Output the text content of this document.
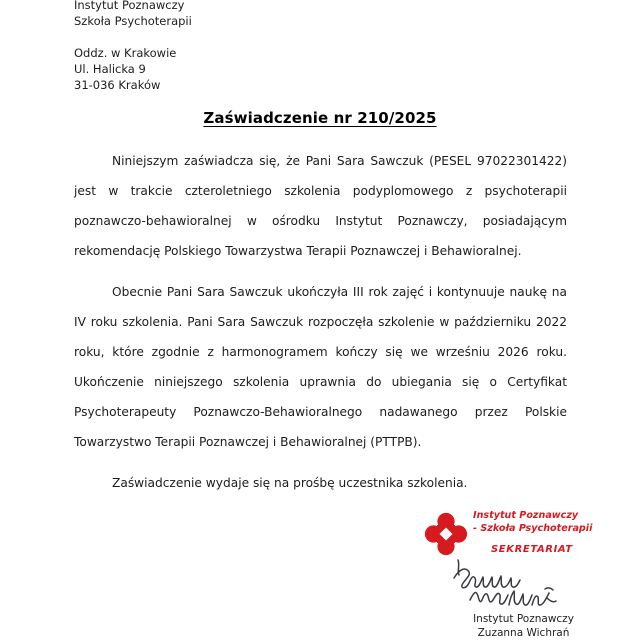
Instytut Poznawczy
Szkoła Psychoterapii
Oddz. w Krakowie
Ul. Halicka 9
31-036 Kraków
Zaświadczenie nr 210/2025

Niniejszym zaświadcza się, że Pani Sara Sawczuk (PESEL 97022301422) jest w trakcie czteroletniego szkolenia podyplomowego z psychoterapii poznawczo-behawioralnej w ośrodku Instytut Poznawczy, posiadającym rekomendację Polskiego Towarzystwa Terapii Poznawczej i Behawioralnej.

Obecnie Pani Sara Sawczuk ukończyła III rok zajęć i kontynuuje naukę na IV roku szkolenia. Pani Sara Sawczuk rozpoczęła szkolenie w październiku 2022 roku, które zgodnie z harmonogramem kończy się we wrześniu 2026 roku. Ukończenie niniejszego szkolenia uprawnia do ubiegania się o Certyfikat Psychoterapeuty Poznawczo-Behawioralnego nadawanego przez Polskie Towarzystwo Terapii Poznawczej i Behawioralnej (PTTPB).

Zaświadczenie wydaje się na prośbę uczestnika szkolenia.

Instytut Poznawczy
- Szkoła Psychoterapii
SEKRETARIAT
Instytut Poznawczy
Zuzanna Wichrań
